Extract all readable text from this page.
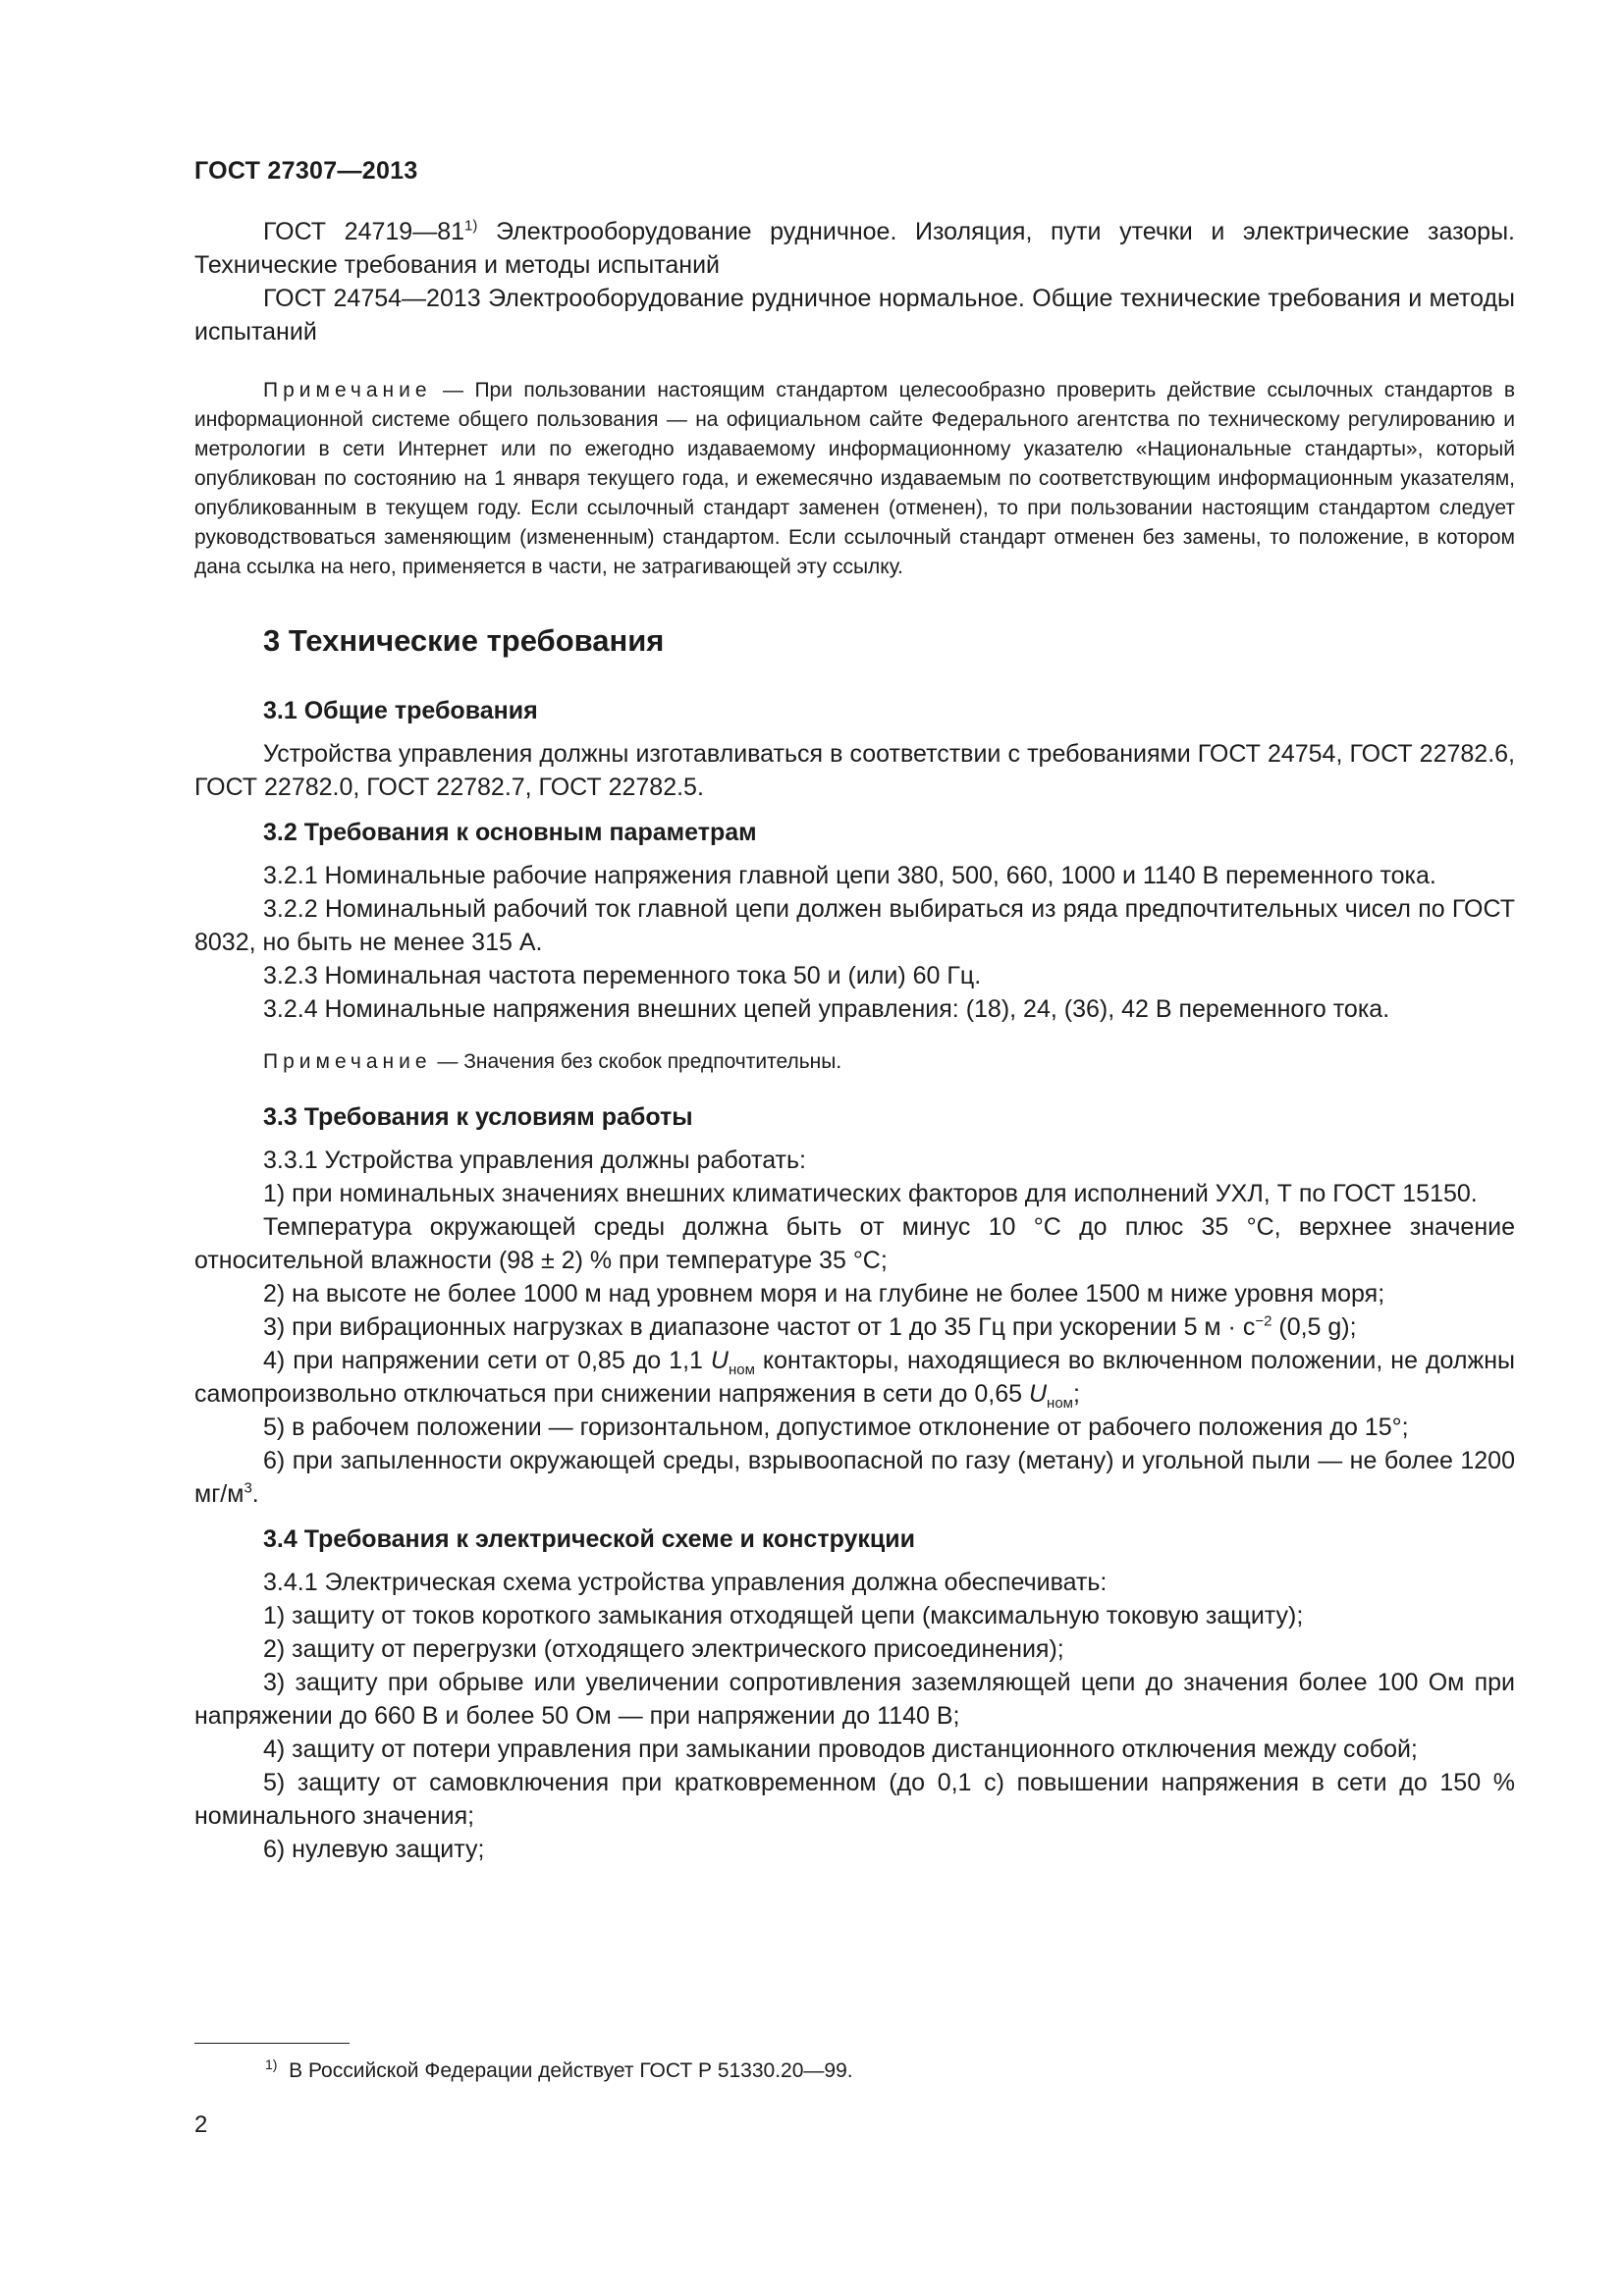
ГОСТ 27307—2013

ГОСТ 24719—81$^{1)}$ Электрооборудование рудничное. Изоляция, пути утечки и электрические зазоры. Технические требования и методы испытаний

ГОСТ 24754—2013 Электрооборудование рудничное нормальное. Общие технические требования и методы испытаний

Примечание — При пользовании настоящим стандартом целесообразно проверить действие ссылочных стандартов в информационной системе общего пользования — на официальном сайте Федерального агентства по техническому регулированию и метрологии в сети Интернет или по ежегодно издаваемому информационному указателю «Национальные стандарты», который опубликован по состоянию на 1 января текущего года, и ежемесячно издаваемым по соответствующим информационным указателям, опубликованным в текущем году. Если ссылочный стандарт заменен (отменен), то при пользовании настоящим стандартом следует руководствоваться заменяющим (измененным) стандартом. Если ссылочный стандарт отменен без замены, то положение, в котором дана ссылка на него, применяется в части, не затрагивающей эту ссылку.

3 Технические требования
3.1 Общие требования

Устройства управления должны изготавливаться в соответствии с требованиями ГОСТ 24754, ГОСТ 22782.6, ГОСТ 22782.0, ГОСТ 22782.7, ГОСТ 22782.5.

3.2 Требования к основным параметрам

3.2.1 Номинальные рабочие напряжения главной цепи 380, 500, 660, 1000 и 1140 В переменного тока.

3.2.2 Номинальный рабочий ток главной цепи должен выбираться из ряда предпочтительных чисел по ГОСТ 8032, но быть не менее 315 А.

3.2.3 Номинальная частота переменного тока 50 и (или) 60 Гц.

3.2.4 Номинальные напряжения внешних цепей управления: (18), 24, (36), 42 В переменного тока.

Примечание — Значения без скобок предпочтительны.

3.3 Требования к условиям работы

3.3.1 Устройства управления должны работать:

1) при номинальных значениях внешних климатических факторов для исполнений УХЛ, Т по ГОСТ 15150.

Температура окружающей среды должна быть от минус 10 °С до плюс 35 °С, верхнее значение относительной влажности (98 ± 2) % при температуре 35 °С;

2) на высоте не более 1000 м над уровнем моря и на глубине не более 1500 м ниже уровня моря;

3) при вибрационных нагрузках в диапазоне частот от 1 до 35 Гц при ускорении 5 $м \cdot с^{-2}$ (0,5 g);

4) при напряжении сети от 0,85 до 1,1 $U_{ном}$ контакторы, находящиеся во включенном положении, не должны самопроизвольно отключаться при снижении напряжения в сети до 0,65 $U_{ном}$;

5) в рабочем положении — горизонтальном, допустимое отклонение от рабочего положения до 15°;

6) при запыленности окружающей среды, взрывоопасной по газу (метану) и угольной пыли — не более 1200 $мг/м^3$.

3.4 Требования к электрической схеме и конструкции

3.4.1 Электрическая схема устройства управления должна обеспечивать:

1) защиту от токов короткого замыкания отходящей цепи (максимальную токовую защиту);

2) защиту от перегрузки (отходящего электрического присоединения);

3) защиту при обрыве или увеличении сопротивления заземляющей цепи до значения более 100 Ом при напряжении до 660 В и более 50 Ом — при напряжении до 1140 В;

4) защиту от потери управления при замыкании проводов дистанционного отключения между собой;

5) защиту от самовключения при кратковременном (до 0,1 с) повышении напряжения в сети до 150 % номинального значения;

6) нулевую защиту;

$^{1)}$ В Российской Федерации действует ГОСТ Р 51330.20—99.
2
